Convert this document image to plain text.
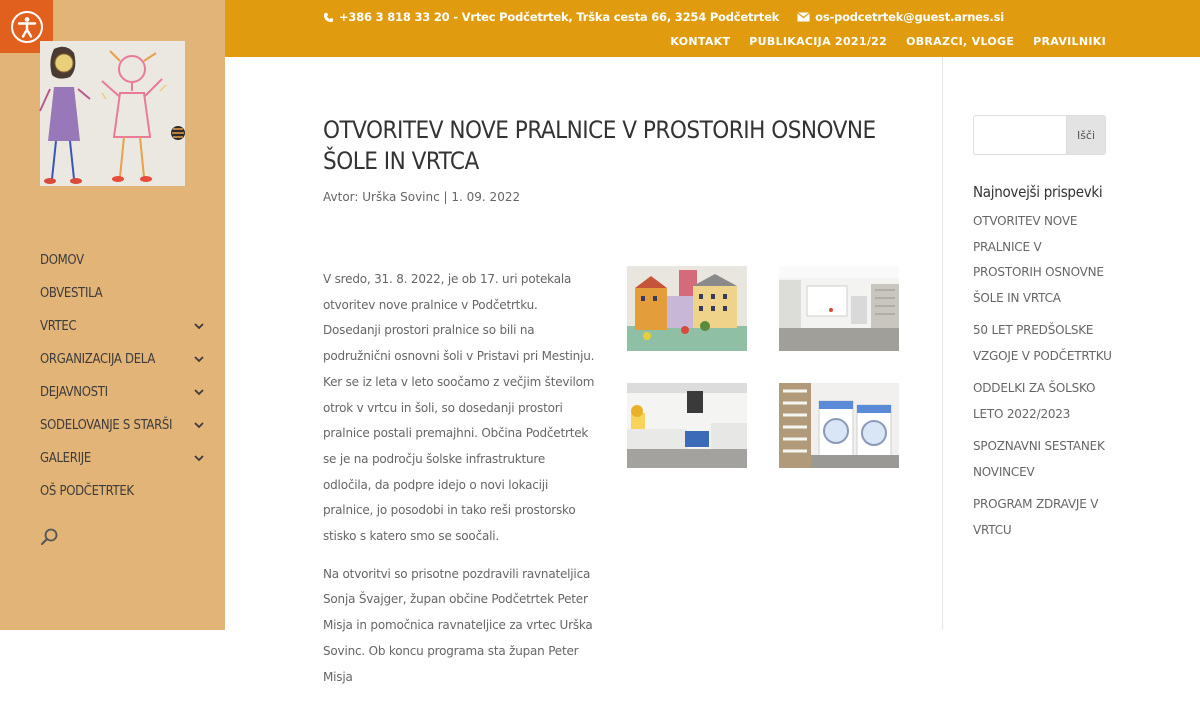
DOMOV
OBVESTILA
VRTEC
ORGANIZACIJA DELA
DEJAVNOSTI
SODELOVANJE S STARŠI
GALERIJE
OŠ PODČETRTEK
+386 3 818 33 20 - Vrtec Podčetrtek, Trška cesta 66, 3254 Podčetrtek	os-podcetrtek@guest.arnes.si
KONTAKT PUBLIKACIJA 2021/22 OBRAZCI, VLOGE PRAVILNIKI
OTVORITEV NOVE PRALNICE V PROSTORIH OSNOVNE ŠOLE IN VRTCA
Avtor: Urška Sovinc | 1. 09. 2022

V sredo, 31. 8. 2022, je ob 17. uri potekala otvoritev nove pralnice v Podčetrtku. Dosedanji prostori pralnice so bili na podružnični osnovni šoli v Pristavi pri Mestinju. Ker se iz leta v leto soočamo z večjim številom otrok v vrtcu in šoli, so dosedanji prostori pralnice postali premajhni. Občina Podčetrtek se je na področju šolske infrastrukture odločila, da podpre idejo o novi lokaciji pralnice, jo posodobi in tako reši prostorsko stisko s katero smo se soočali.

Na otvoritvi so prisotne pozdravili ravnateljica Sonja Švajger, župan občine Podčetrtek Peter Misja in pomočnica ravnateljice za vrtec Urška Sovinc. Ob koncu programa sta župan Peter Misja

Išči
Najnovejši prispevki
OTVORITEV NOVE PRALNICE V PROSTORIH OSNOVNE ŠOLE IN VRTCA
50 LET PREDŠOLSKE VZGOJE V PODČETRTKU
ODDELKI ZA ŠOLSKO LETO 2022/2023
SPOZNAVNI SESTANEK NOVINCEV
PROGRAM ZDRAVJE V VRTCU
